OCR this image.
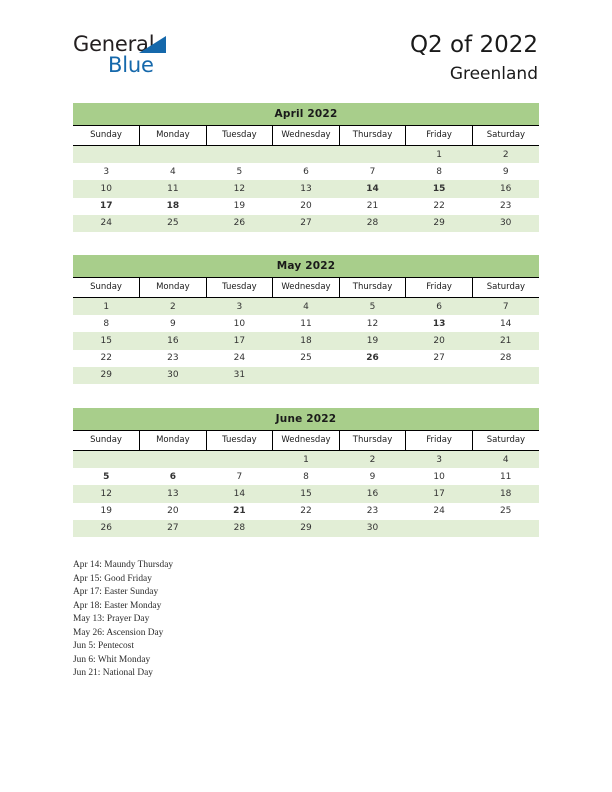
General
Blue
Q2 of 2022
Greenland
April 2022						

Sunday	Monday	Tuesday	Wednesday	Thursday	Friday	Saturday

					1	2
3	4	5	6	7	8	9
10	11	12	13	14	15	16
17	18	19	20	21	22	23
24	25	26	27	28	29	30
May 2022						

Sunday	Monday	Tuesday	Wednesday	Thursday	Friday	Saturday

1	2	3	4	5	6	7
8	9	10	11	12	13	14
15	16	17	18	19	20	21
22	23	24	25	26	27	28
29	30	31				
June 2022						

Sunday	Monday	Tuesday	Wednesday	Thursday	Friday	Saturday

			1	2	3	4
5	6	7	8	9	10	11
12	13	14	15	16	17	18
19	20	21	22	23	24	25
26	27	28	29	30		
Apr 14: Maundy Thursday
Apr 15: Good Friday
Apr 17: Easter Sunday
Apr 18: Easter Monday
May 13: Prayer Day
May 26: Ascension Day
Jun 5: Pentecost
Jun 6: Whit Monday
Jun 21: National Day
